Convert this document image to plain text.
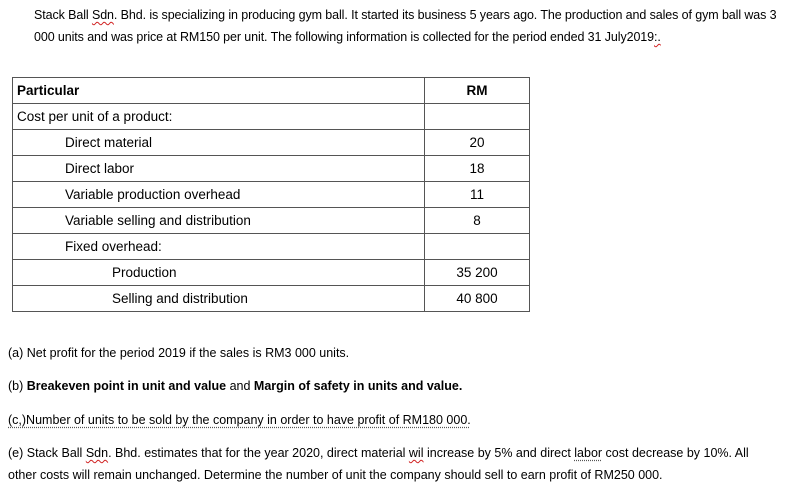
Stack Ball Sdn. Bhd. is specializing in producing gym ball. It started its business 5 years ago. The production and sales of gym ball was 3 000 units and was price at RM150 per unit. The following information is collected for the period ended 31 July2019:.
Particular	RM
Cost per unit of a product:	
Direct material	20
Direct labor	18
Variable production overhead	11
Variable selling and distribution	8
Fixed overhead:	
Production	35 200
Selling and distribution	40 800
(a) Net profit for the period 2019 if the sales is RM3 000 units.
(b) Breakeven point in unit and value and Margin of safety in units and value.
(c,)Number of units to be sold by the company in order to have profit of RM180 000.
(e) Stack Ball Sdn. Bhd. estimates that for the year 2020, direct material wil increase by 5% and direct labor cost decrease by 10%. All other costs will remain unchanged. Determine the number of unit the company should sell to earn profit of RM250 000.
